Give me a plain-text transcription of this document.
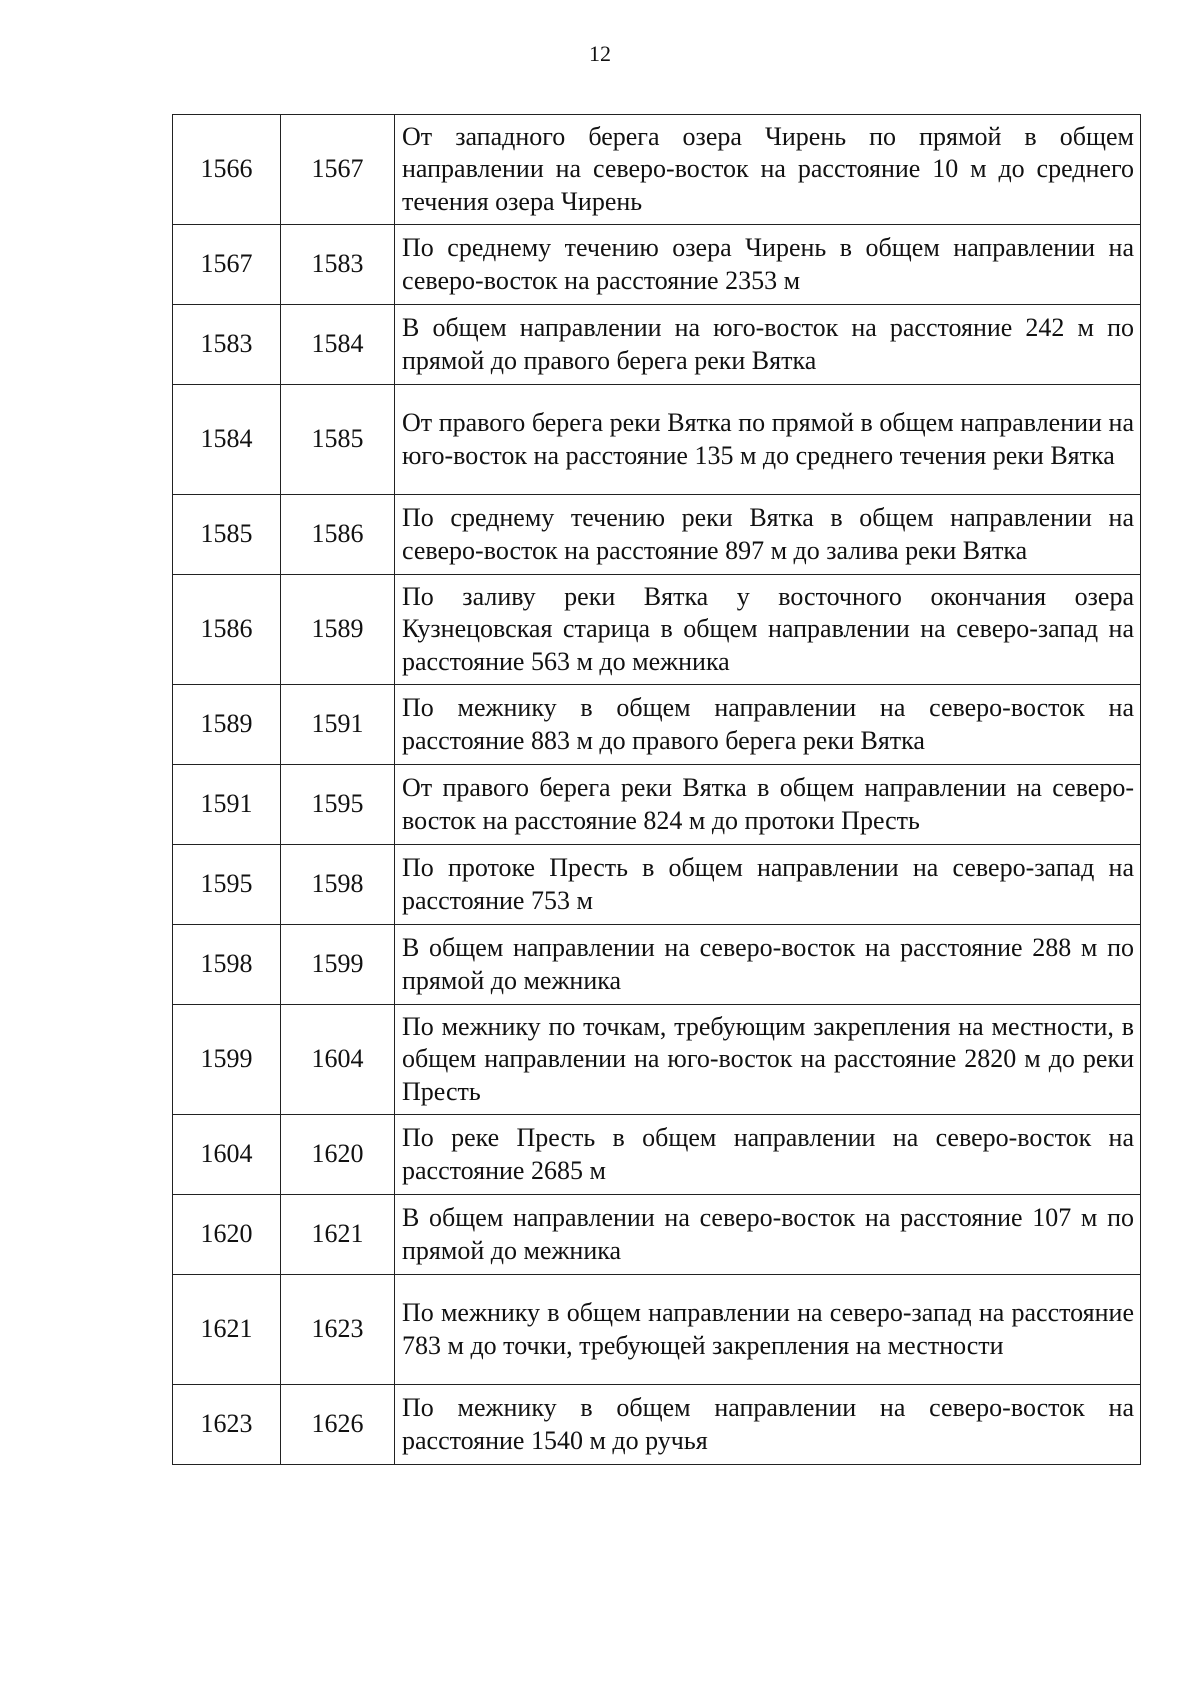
12
1566	1567	От западного берега озера Чирень по прямой в общем направлении на северо-восток на расстояние 10 м до среднего течения озера Чирень
1567	1583	По среднему течению озера Чирень в общем направлении на северо-восток на расстояние 2353 м
1583	1584	В общем направлении на юго-восток на расстояние 242 м по прямой до правого берега реки Вятка
1584	1585	От правого берега реки Вятка по прямой в общем направлении на юго-восток на расстояние 135 м до среднего течения реки Вятка
1585	1586	По среднему течению реки Вятка в общем направлении на северо-восток на расстояние 897 м до залива реки Вятка
1586	1589	По заливу реки Вятка у восточного окончания озера Кузнецовская старица в общем направлении на северо-запад на расстояние 563 м до межника
1589	1591	По межнику в общем направлении на северо-восток на расстояние 883 м до правого берега реки Вятка
1591	1595	От правого берега реки Вятка в общем направлении на северо-восток на расстояние 824 м до протоки Престь
1595	1598	По протоке Престь в общем направлении на северо-запад на расстояние 753 м
1598	1599	В общем направлении на северо-восток на расстояние 288 м по прямой до межника
1599	1604	По межнику по точкам, требующим закрепления на местности, в общем направлении на юго-восток на расстояние 2820 м до реки Престь
1604	1620	По реке Престь в общем направлении на северо-восток на расстояние 2685 м
1620	1621	В общем направлении на северо-восток на расстояние 107 м по прямой до межника
1621	1623	По межнику в общем направлении на северо-запад на расстояние 783 м до точки, требующей закрепления на местности
1623	1626	По межнику в общем направлении на северо-восток на расстояние 1540 м до ручья
